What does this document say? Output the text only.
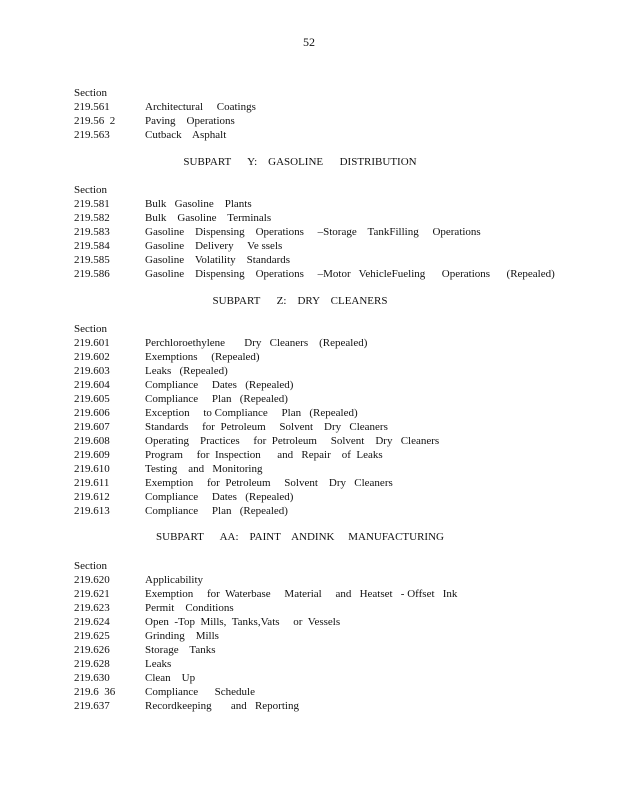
52
Section
219.561	Architectural     Coatings
219.56  2	Paving    Operations
219.563	Cutback    Asphalt
SUBPART      Y:    GASOLINE      DISTRIBUTION
Section
219.581	Bulk   Gasoline    Plants
219.582	Bulk    Gasoline    Terminals
219.583	Gasoline    Dispensing    Operations     –Storage    TankFilling     Operations
219.584	Gasoline    Delivery     Ve ssels
219.585	Gasoline    Volatility    Standards
219.586	Gasoline    Dispensing    Operations     –Motor   VehicleFueling      Operations      (Repealed)
SUBPART      Z:    DRY    CLEANERS
Section
219.601	Perchloroethylene       Dry   Cleaners    (Repealed)
219.602	Exemptions     (Repealed)
219.603	Leaks   (Repealed)
219.604	Compliance     Dates   (Repealed)
219.605	Compliance     Plan   (Repealed)
219.606	Exception     to Compliance     Plan   (Repealed)
219.607	Standards     for  Petroleum     Solvent    Dry   Cleaners
219.608	Operating    Practices     for  Petroleum     Solvent    Dry   Cleaners
219.609	Program     for  Inspection      and   Repair    of  Leaks
219.610	Testing    and   Monitoring
219.611	Exemption     for  Petroleum     Solvent    Dry   Cleaners
219.612	Compliance     Dates   (Repealed)
219.613	Compliance     Plan   (Repealed)
SUBPART      AA:    PAINT    ANDINK     MANUFACTURING
Section
219.620	Applicability
219.621	Exemption     for  Waterbase     Material     and   Heatset   - Offset   Ink
219.623	Permit    Conditions
219.624	Open  -Top  Mills,  Tanks,Vats     or  Vessels
219.625	Grinding    Mills
219.626	Storage    Tanks
219.628	Leaks
219.630	Clean    Up
219.6  36	Compliance      Schedule
219.637	Recordkeeping       and   Reporting
